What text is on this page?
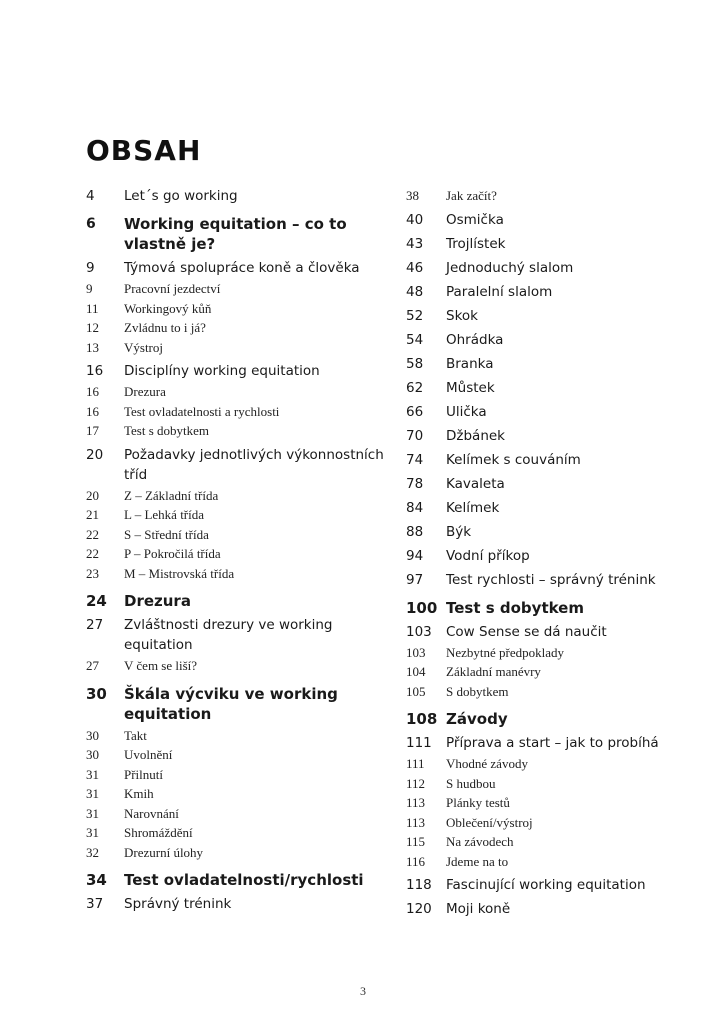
OBSAH
4	Let´s go working
6	Working equitation – co to vlastně je?
9	Týmová spolupráce koně a člověka
9	Pracovní jezdectví
11	Workingový kůň
12	Zvládnu to i já?
13	Výstroj
16	Disciplíny working equitation
16	Drezura
16	Test ovladatelnosti a rychlosti
17	Test s dobytkem
20	Požadavky jednotlivých výkonnostních tříd
20	Z – Základní třída
21	L – Lehká třída
22	S – Střední třída
22	P – Pokročilá třída
23	M – Mistrovská třída
24	Drezura
27	Zvláštnosti drezury ve working equitation
27	V čem se liší?
30	Škála výcviku ve working equitation
30	Takt
30	Uvolnění
31	Přilnutí
31	Kmih
31	Narovnání
31	Shromáždění
32	Drezurní úlohy
34	Test ovladatelnosti/rychlosti
37	Správný trénink
38	Jak začít?
40	Osmička
43	Trojlístek
46	Jednoduchý slalom
48	Paralelní slalom
52	Skok
54	Ohrádka
58	Branka
62	Můstek
66	Ulička
70	Džbánek
74	Kelímek s couváním
78	Kavaleta
84	Kelímek
88	Býk
94	Vodní příkop
97	Test rychlosti – správný trénink
100 Test s dobytkem
103	Cow Sense se dá naučit
103	Nezbytné předpoklady
104	Základní manévry
105	S dobytkem
108 Závody
111	Příprava a start – jak to probíhá
111	Vhodné závody
112	S hudbou
113	Plánky testů
113	Oblečení/výstroj
115	Na závodech
116	Jdeme na to
118	Fascinující working equitation
120	Moji koně
3
